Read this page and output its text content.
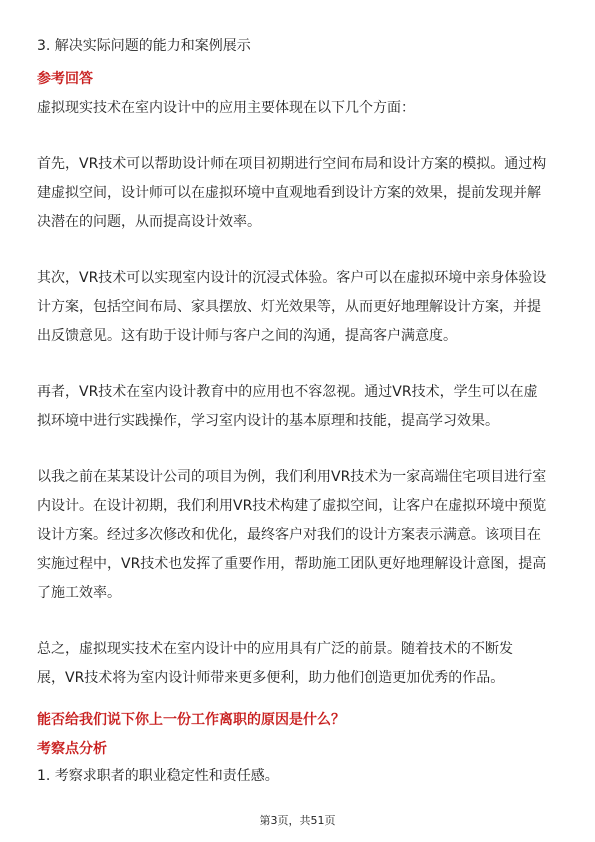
3. 解决实际问题的能力和案例展示
参考回答
虚拟现实技术在室内设计中的应用主要体现在以下几个方面：
首先，VR技术可以帮助设计师在项目初期进行空间布局和设计方案的模拟。通过构
建虚拟空间，设计师可以在虚拟环境中直观地看到设计方案的效果，提前发现并解
决潜在的问题，从而提高设计效率。
其次，VR技术可以实现室内设计的沉浸式体验。客户可以在虚拟环境中亲身体验设
计方案，包括空间布局、家具摆放、灯光效果等，从而更好地理解设计方案，并提
出反馈意见。这有助于设计师与客户之间的沟通，提高客户满意度。
再者，VR技术在室内设计教育中的应用也不容忽视。通过VR技术，学生可以在虚
拟环境中进行实践操作，学习室内设计的基本原理和技能，提高学习效果。
以我之前在某某设计公司的项目为例，我们利用VR技术为一家高端住宅项目进行室
内设计。在设计初期，我们利用VR技术构建了虚拟空间，让客户在虚拟环境中预览
设计方案。经过多次修改和优化，最终客户对我们的设计方案表示满意。该项目在
实施过程中，VR技术也发挥了重要作用，帮助施工团队更好地理解设计意图，提高
了施工效率。
总之，虚拟现实技术在室内设计中的应用具有广泛的前景。随着技术的不断发
展，VR技术将为室内设计师带来更多便利，助力他们创造更加优秀的作品。
能否给我们说下你上一份工作离职的原因是什么？
考察点分析
1. 考察求职者的职业稳定性和责任感。
第3页，共51页
